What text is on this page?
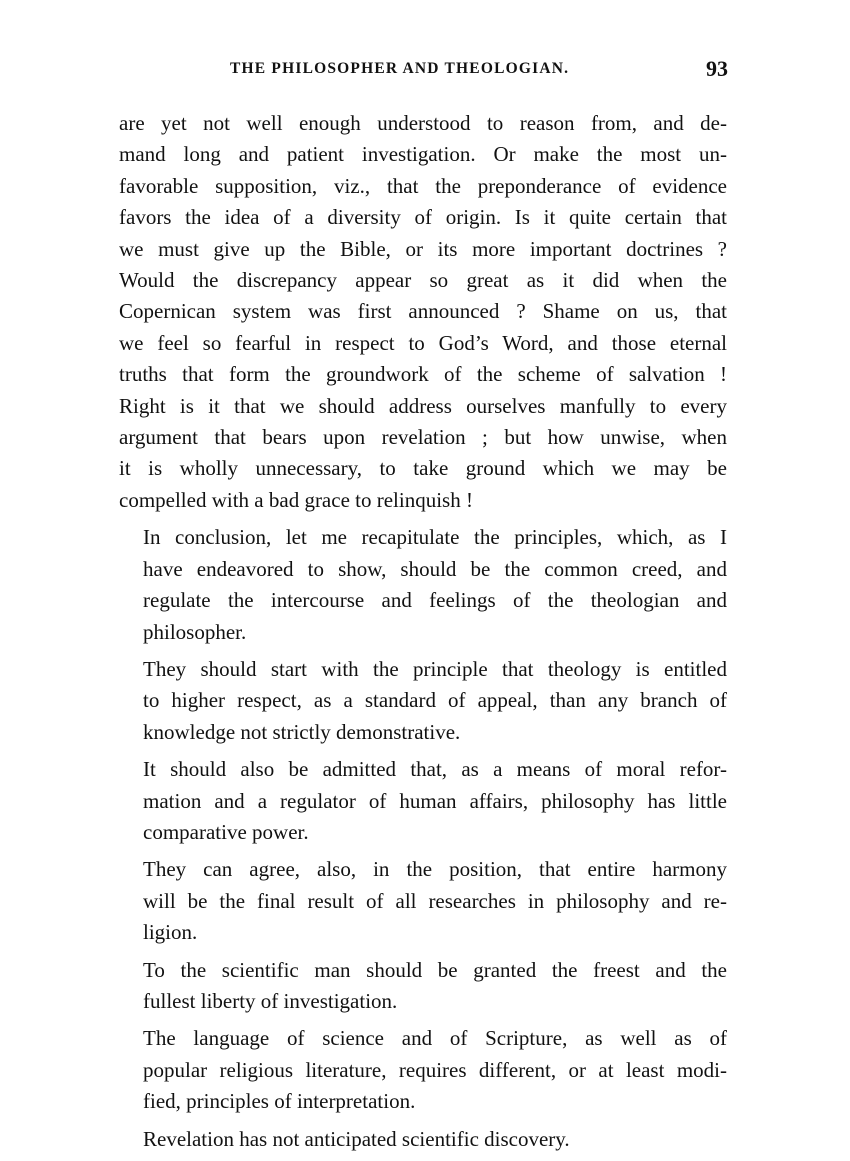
THE PHILOSOPHER AND THEOLOGIAN.	93

are yet not well enough understood to reason from, and de-
mand long and patient investigation. Or make the most un-
favorable supposition, viz., that the preponderance of evidence
favors the idea of a diversity of origin. Is it quite certain that
we must give up the Bible, or its more important doctrines ?
Would the discrepancy appear so great as it did when the
Copernican system was first announced ? Shame on us, that
we feel so fearful in respect to God’s Word, and those eternal
truths that form the groundwork of the scheme of salvation !
Right is it that we should address ourselves manfully to every
argument that bears upon revelation ; but how unwise, when
it is wholly unnecessary, to take ground which we may be
compelled with a bad grace to relinquish !

In conclusion, let me recapitulate the principles, which, as I
have endeavored to show, should be the common creed, and
regulate the intercourse and feelings of the theologian and
philosopher.

They should start with the principle that theology is entitled
to higher respect, as a standard of appeal, than any branch of
knowledge not strictly demonstrative.

It should also be admitted that, as a means of moral refor-
mation and a regulator of human affairs, philosophy has little
comparative power.

They can agree, also, in the position, that entire harmony
will be the final result of all researches in philosophy and re-
ligion.

To the scientific man should be granted the freest and the
fullest liberty of investigation.

The language of science and of Scripture, as well as of
popular religious literature, requires different, or at least modi-
fied, principles of interpretation.

Revelation has not anticipated scientific discovery.
